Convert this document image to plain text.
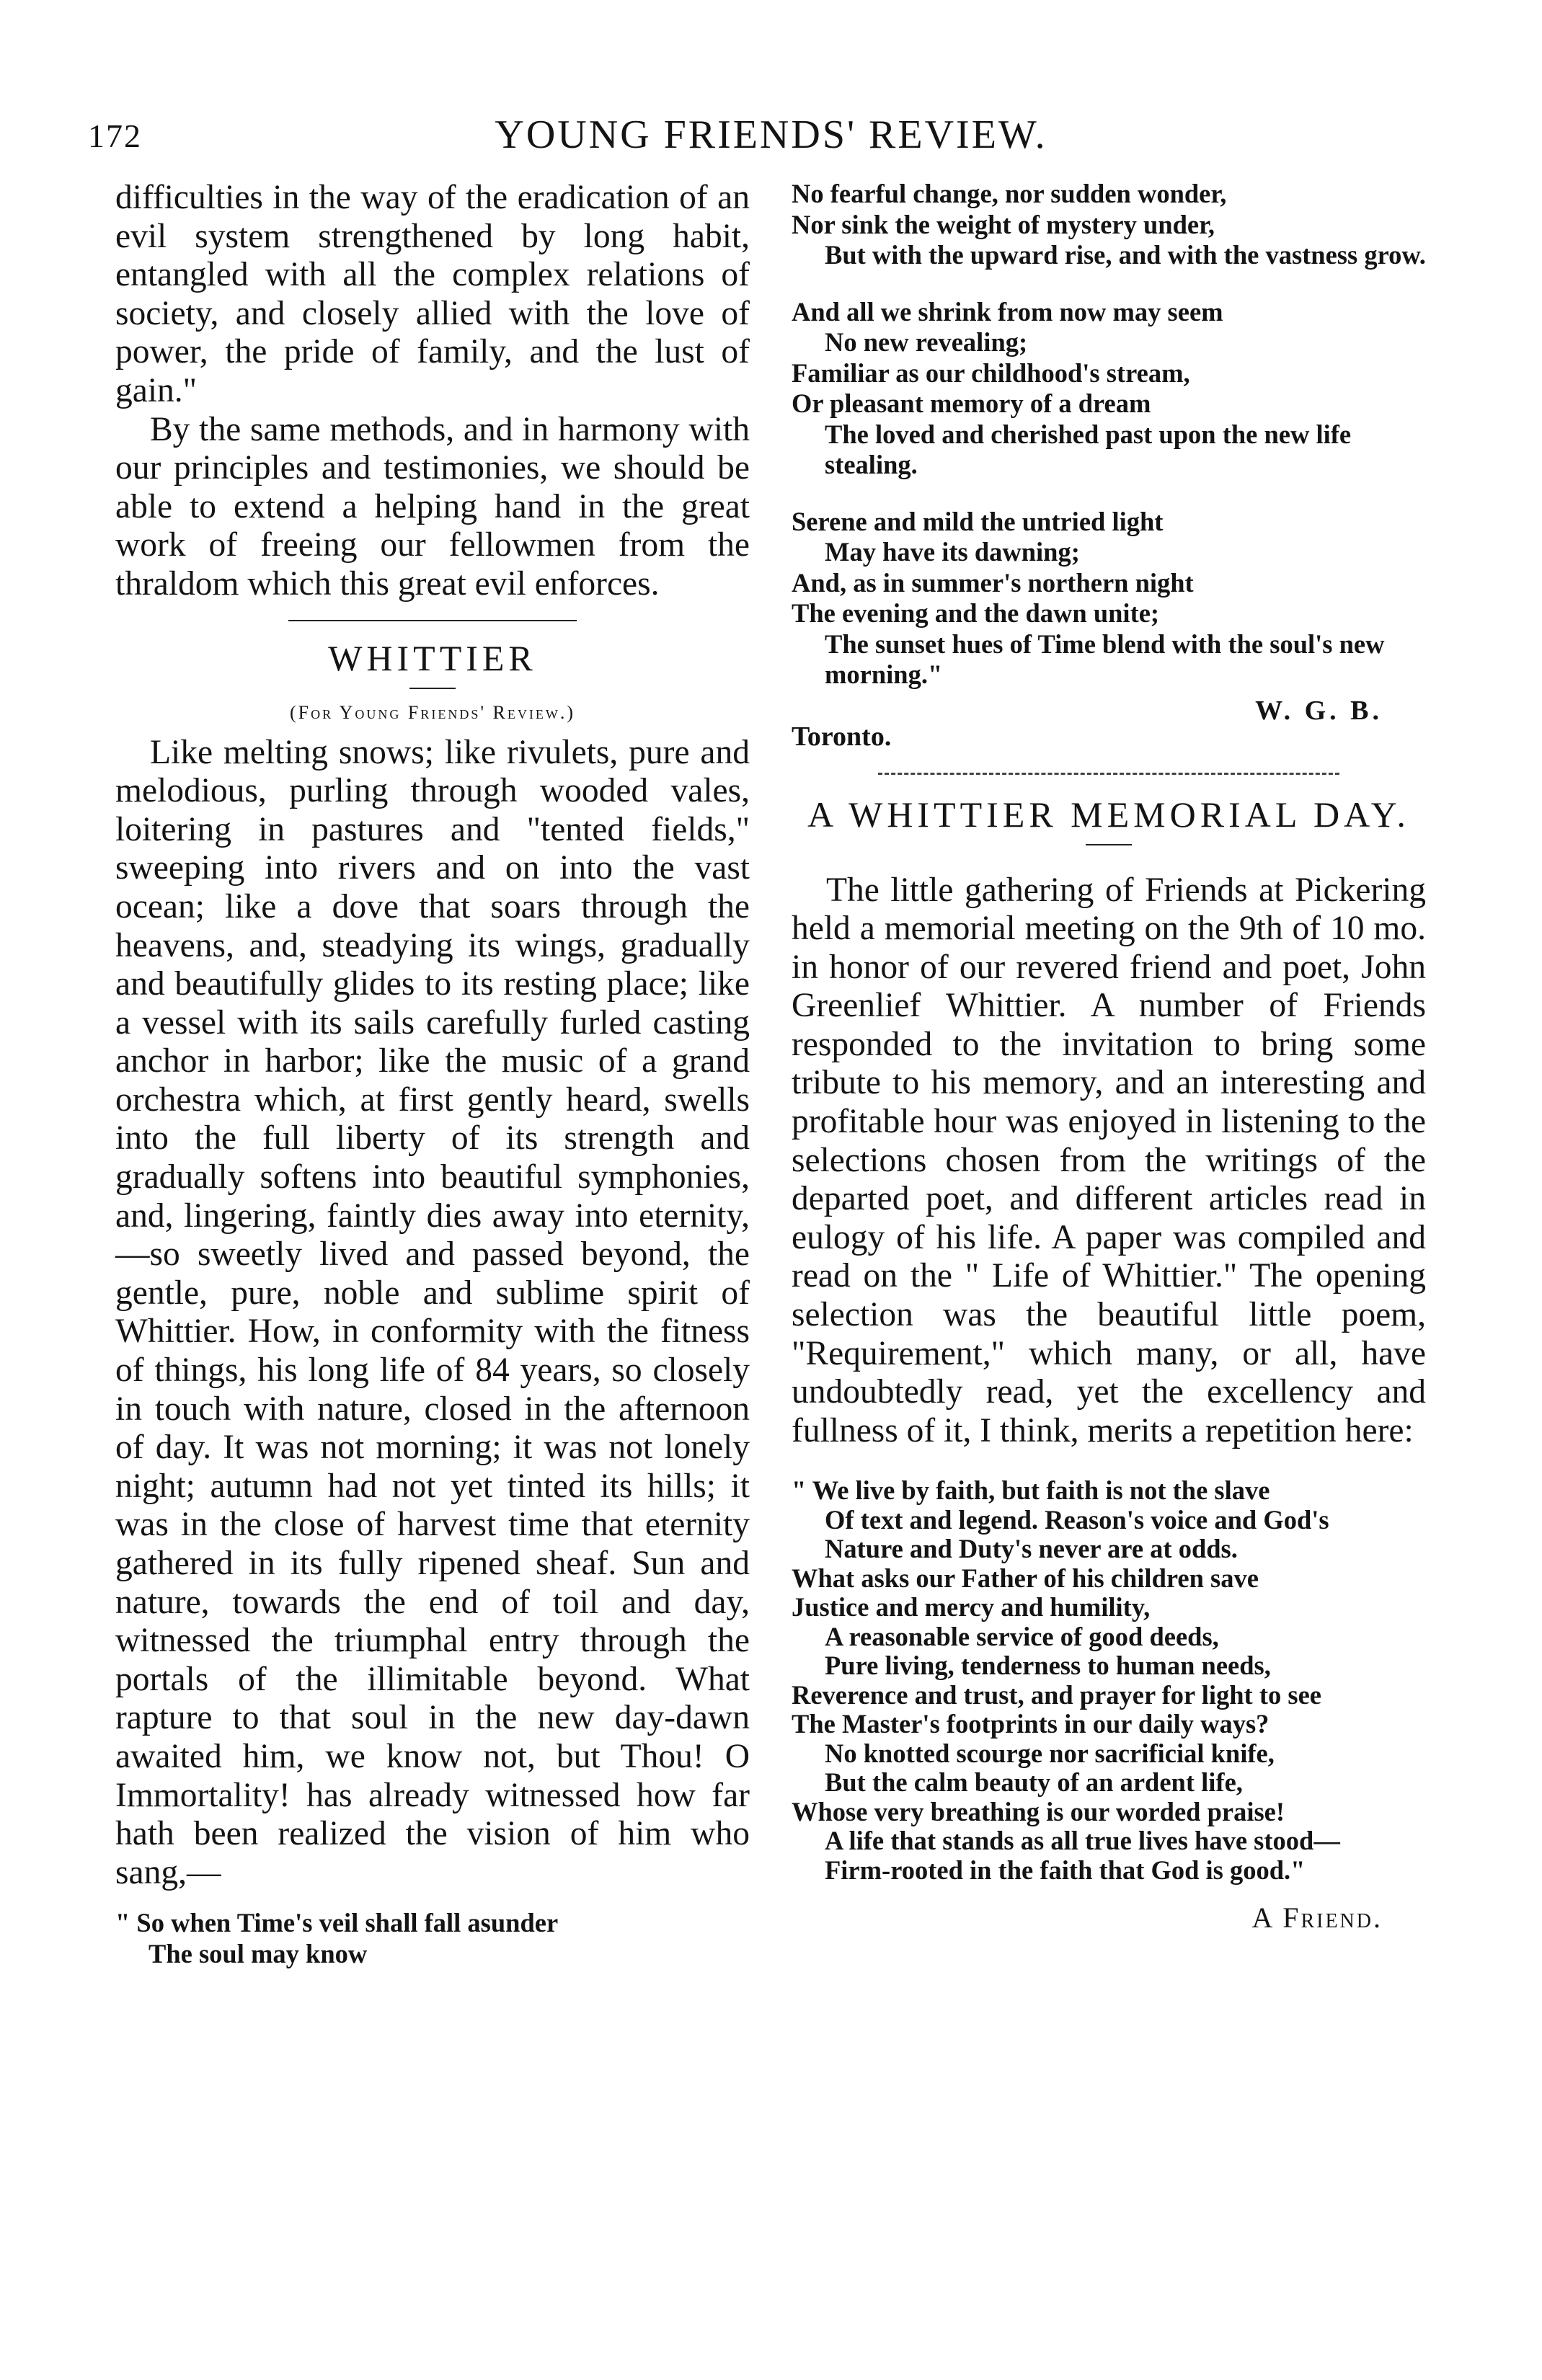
172	YOUNG FRIENDS' REVIEW.

difficulties in the way of the eradication of an evil system strengthened by long habit, entangled with all the complex relations of society, and closely allied with the love of power, the pride of family, and the lust of gain."

By the same methods, and in harmony with our principles and testimonies, we should be able to extend a helping hand in the great work of freeing our fellowmen from the thraldom which this great evil enforces.

WHITTIER
(For Young Friends' Review.)

Like melting snows; like rivulets, pure and melodious, purling through wooded vales, loitering in pastures and "tented fields," sweeping into rivers and on into the vast ocean; like a dove that soars through the heavens, and, steadying its wings, gradually and beautifully glides to its resting place; like a vessel with its sails carefully furled casting anchor in harbor; like the music of a grand orchestra which, at first gently heard, swells into the full liberty of its strength and gradually softens into beautiful symphonies, and, lingering, faintly dies away into eternity,—so sweetly lived and passed beyond, the gentle, pure, noble and sublime spirit of Whittier. How, in conformity with the fitness of things, his long life of 84 years, so closely in touch with nature, closed in the afternoon of day. It was not morning; it was not lonely night; autumn had not yet tinted its hills; it was in the close of harvest time that eternity gathered in its fully ripened sheaf. Sun and nature, towards the end of toil and day, witnessed the triumphal entry through the portals of the illimitable beyond. What rapture to that soul in the new day-dawn awaited him, we know not, but Thou! O Immortality! has already witnessed how far hath been realized the vision of him who sang,—

" So when Time's veil shall fall asunder
The soul may know
No fearful change, nor sudden wonder,
Nor sink the weight of mystery under,
But with the upward rise, and with the vastness grow.
And all we shrink from now may seem
No new revealing;
Familiar as our childhood's stream,
Or pleasant memory of a dream
The loved and cherished past upon the new life stealing.
Serene and mild the untried light
May have its dawning;
And, as in summer's northern night
The evening and the dawn unite;
The sunset hues of Time blend with the soul's new morning."
W. G. B.
Toronto.
A WHITTIER MEMORIAL DAY.

The little gathering of Friends at Pickering held a memorial meeting on the 9th of 10 mo. in honor of our revered friend and poet, John Greenlief Whittier. A number of Friends responded to the invitation to bring some tribute to his memory, and an interesting and profitable hour was enjoyed in listening to the selections chosen from the writings of the departed poet, and different articles read in eulogy of his life. A paper was compiled and read on the " Life of Whittier." The opening selection was the beautiful little poem, "Requirement," which many, or all, have undoubtedly read, yet the excellency and fullness of it, I think, merits a repetition here:

" We live by faith, but faith is not the slave
Of text and legend. Reason's voice and God's
Nature and Duty's never are at odds.
What asks our Father of his children save
Justice and mercy and humility,
A reasonable service of good deeds,
Pure living, tenderness to human needs,
Reverence and trust, and prayer for light to see
The Master's footprints in our daily ways?
No knotted scourge nor sacrificial knife,
But the calm beauty of an ardent life,
Whose very breathing is our worded praise!
A life that stands as all true lives have stood—
Firm-rooted in the faith that God is good."
A Friend.
